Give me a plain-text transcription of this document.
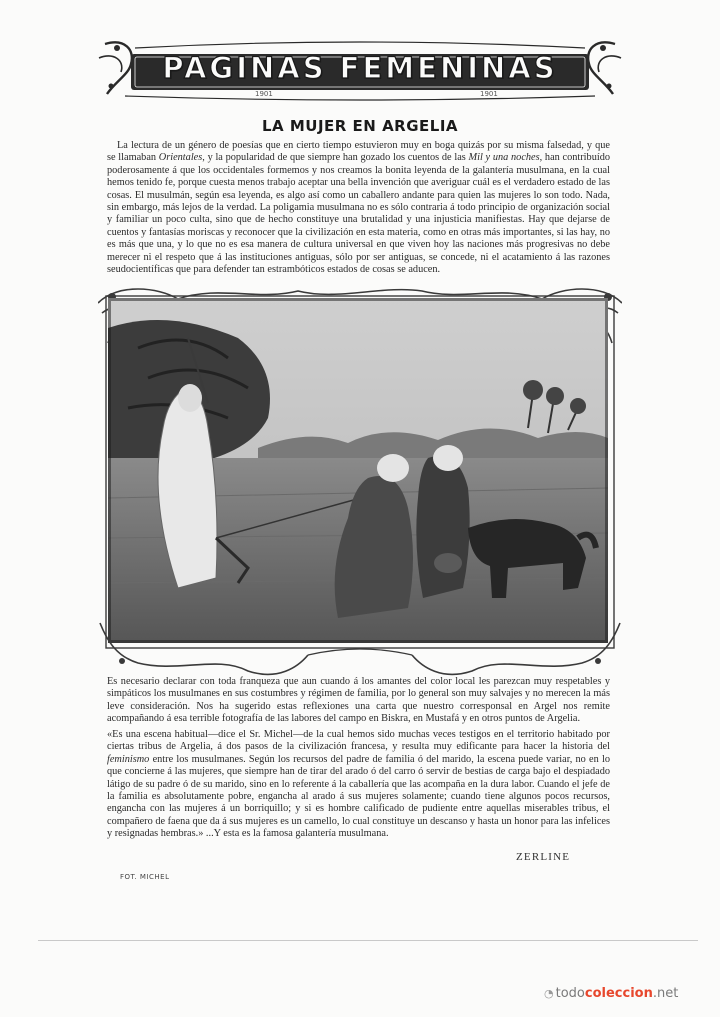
PAGINAS FEMENINAS
1901	1901
LA MUJER EN ARGELIA

La lectura de un género de poesías que en cierto tiempo estuvieron muy en boga quizás por su misma falsedad, y que se llamaban Orientales, y la popularidad de que siempre han gozado los cuentos de las Mil y una noches, han contribuído poderosamente á que los occidentales formemos y nos creamos la bonita leyenda de la galantería musulmana, en la cual hemos tenido fe, porque cuesta menos trabajo aceptar una bella invención que averiguar cuál es el verdadero estado de las cosas. El musulmán, según esa leyenda, es algo así como un caballero andante para quien las mujeres lo son todo. Nada, sin embargo, más lejos de la verdad. La poligamia musulmana no es sólo contraria á todo principio de organización social y familiar un poco culta, sino que de hecho constituye una brutalidad y una injusticia manifiestas. Hay que dejarse de cuentos y fantasías moriscas y reconocer que la civilización en esta materia, como en otras más importantes, si las hay, no es más que una, y lo que no es esa manera de cultura universal en que viven hoy las naciones más progresivas no debe merecer ni el respeto que á las instituciones antiguas, sólo por ser antiguas, se concede, ni el acatamiento á las razones seudocientíficas que para defender tan estrambóticos estados de cosas se aducen.

Es necesario declarar con toda franqueza que aun cuando á los amantes del color local les parezcan muy respetables y simpáticos los musulmanes en sus costumbres y régimen de familia, por lo general son muy salvajes y no merecen la más leve consideración. Nos ha sugerido estas reflexiones una carta que nuestro corresponsal en Argel nos remite acompañando á esa terrible fotografía de las labores del campo en Biskra, en Mustafá y en otros puntos de Argelia.

«Es una escena habitual—dice el Sr. Michel—de la cual hemos sido muchas veces testigos en el territorio habitado por ciertas tribus de Argelia, á dos pasos de la civilización francesa, y resulta muy edificante para hacer la historia del feminismo entre los musulmanes. Según los recursos del padre de familia ó del marido, la escena puede variar, no en lo que concierne á las mujeres, que siempre han de tirar del arado ó del carro ó servir de bestias de carga bajo el despiadado látigo de su padre ó de su marido, sino en lo referente á la caballería que las acompaña en la dura labor. Cuando el jefe de la familia es absolutamente pobre, engancha al arado á sus mujeres solamente; cuando tiene algunos pocos recursos, engancha con las mujeres á un borriquillo; y si es hombre calificado de pudiente entre aquellas miserables tribus, el compañero de faena que da á sus mujeres es un camello, lo cual constituye un descanso y hasta un honor para las infelices y resignadas hembras.» ...Y esta es la famosa galantería musulmana.

FOT. MICHEL
ZERLINE
◔ todocoleccion.net
